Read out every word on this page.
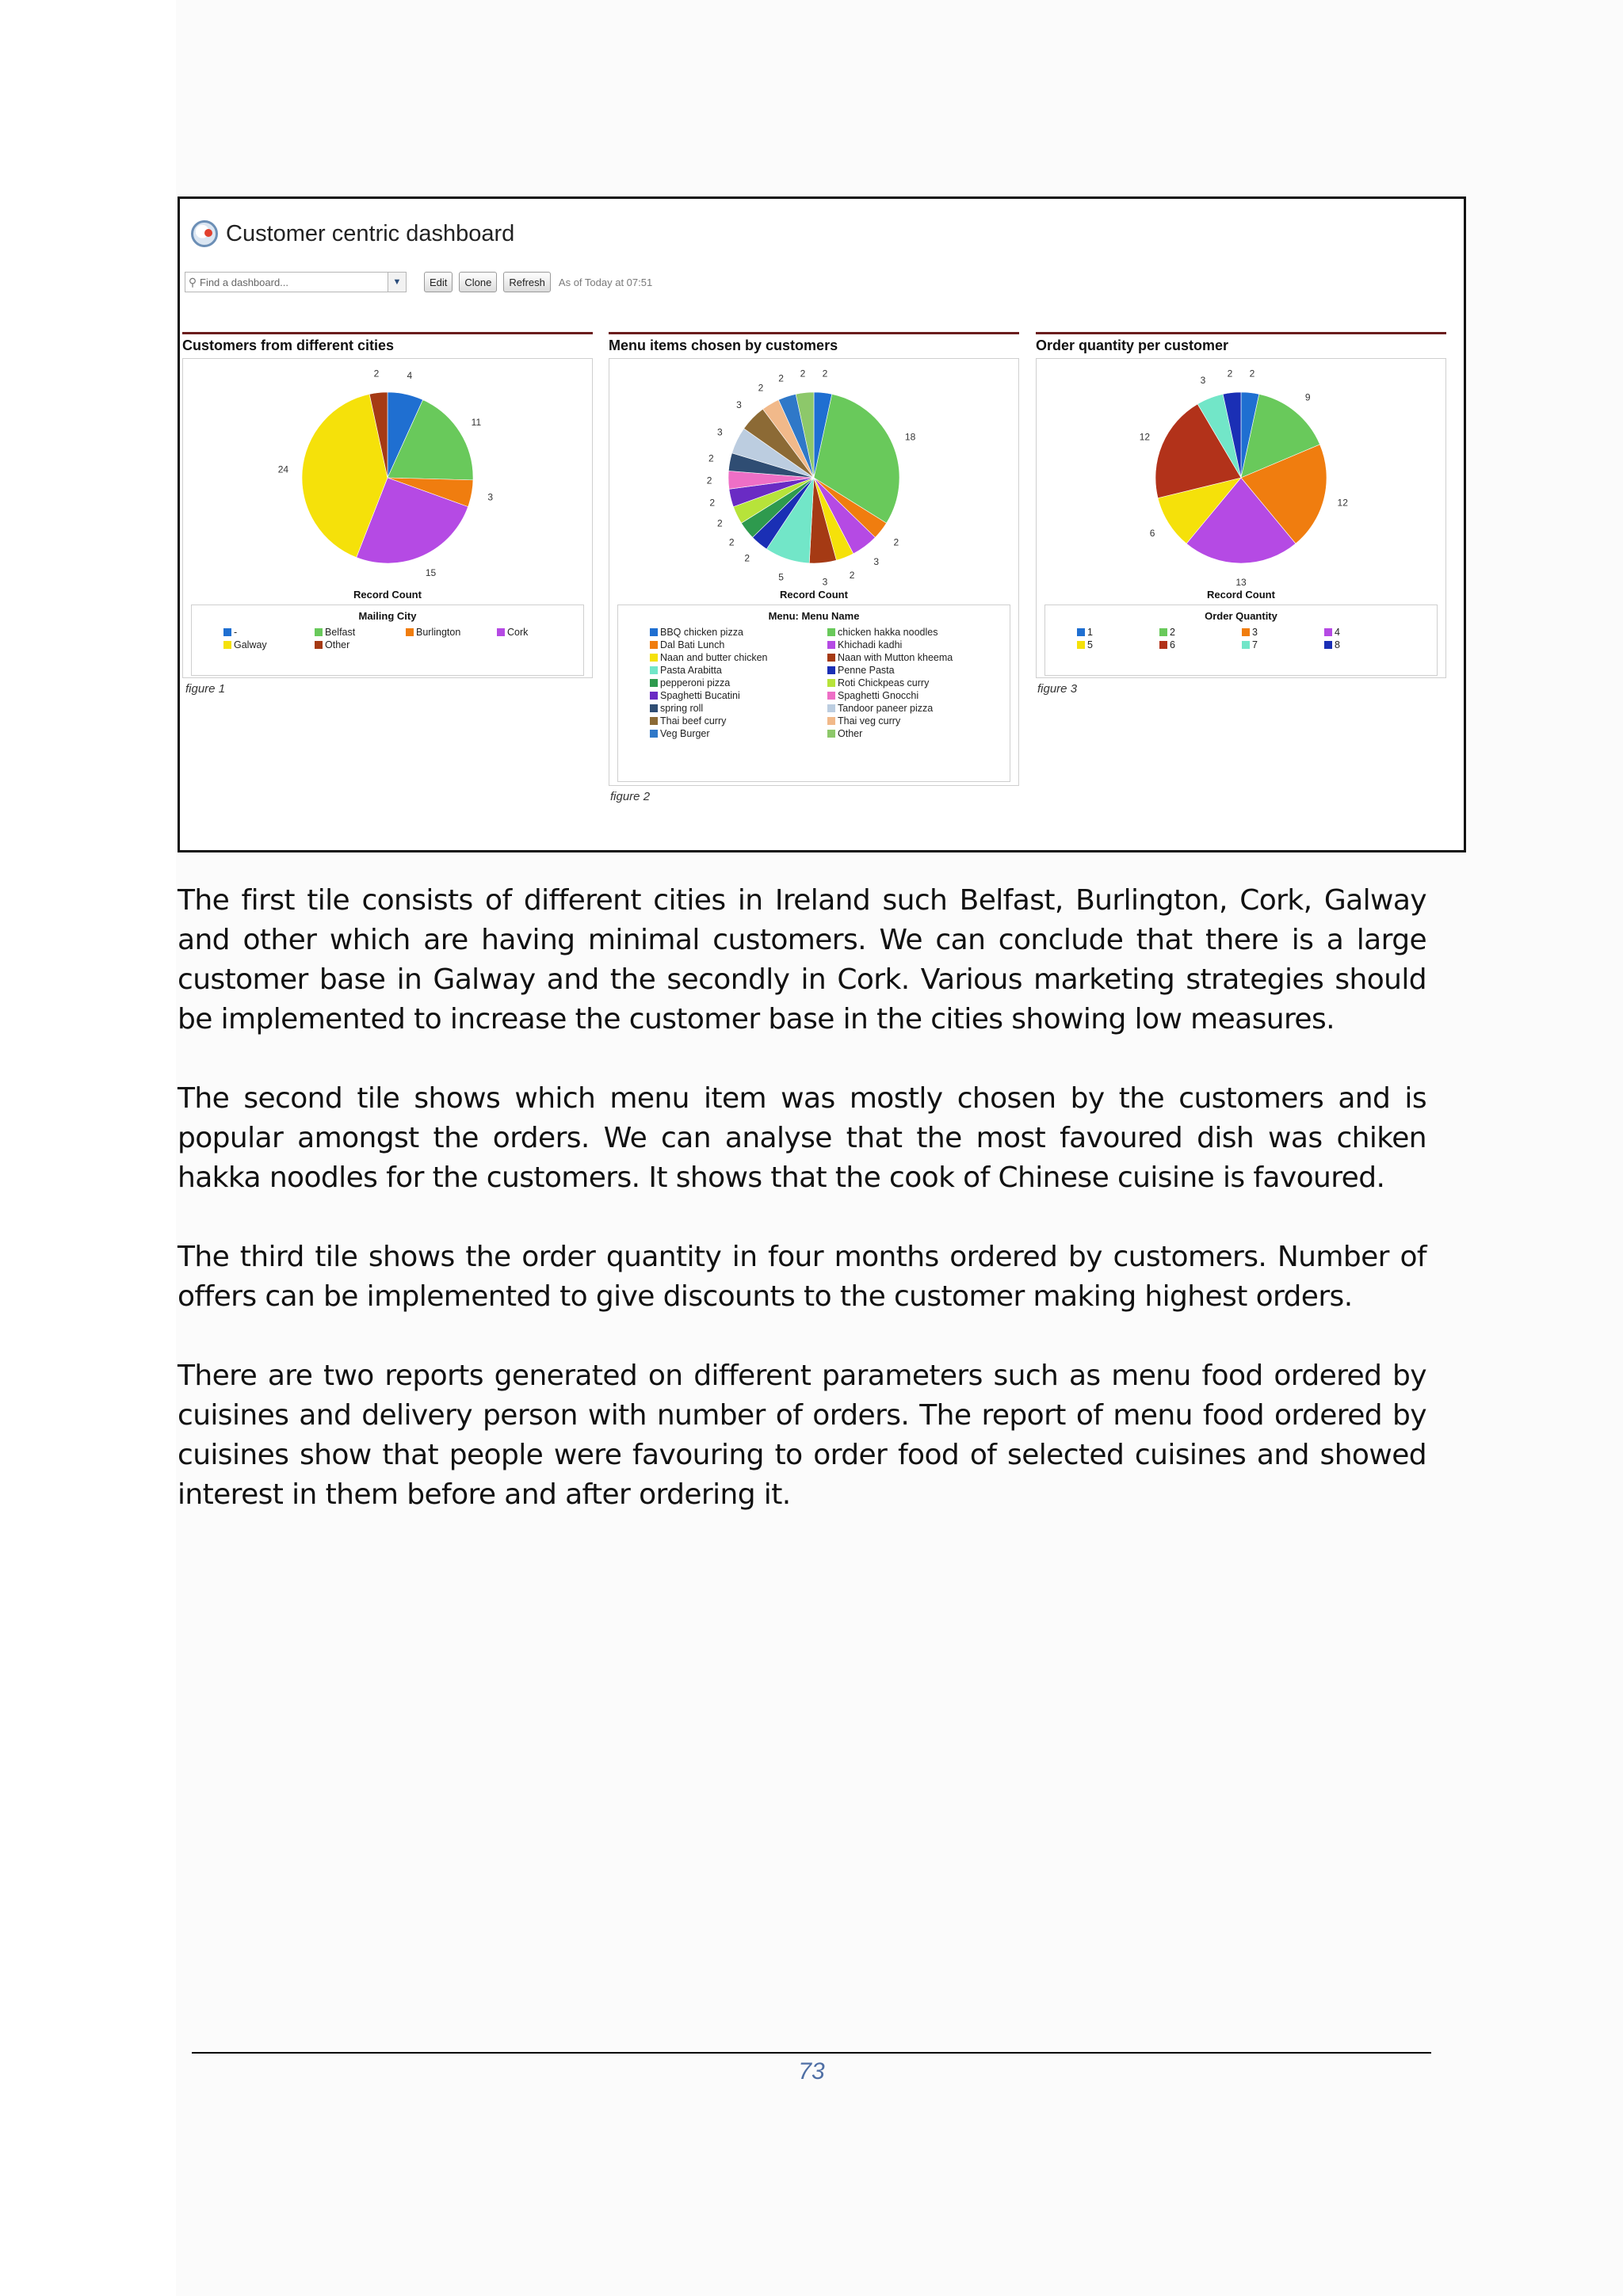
Customer centric dashboard
⚲ Find a dashboard...	▼	Edit	Clone	Refresh	As of Today at 07:51
Customers from different cities
4
11
3
15
24
2
Record Count
Mailing City
-	Belfast	Burlington	Cork
Galway	Other
figure 1
Menu items chosen by customers
2
18
2
3
2
3
5
2
2
2
2
2
2
3
3
2
2 2
Record Count
Menu: Menu Name
BBQ chicken pizza	chicken hakka noodles
Dal Bati Lunch	Khichadi kadhi
Naan and butter chicken	Naan with Mutton kheema
Pasta Arabitta	Penne Pasta
pepperoni pizza	Roti Chickpeas curry
Spaghetti Bucatini	Spaghetti Gnocchi
spring roll	Tandoor paneer pizza
Thai beef curry	Thai veg curry
Veg Burger	Other
figure 2
Order quantity per customer
2
9
12
13
6
12
3
2
Record Count
Order Quantity
1	2	3	4
5	6	7	8
figure 3

The first tile consists of different cities in Ireland such Belfast, Burlington, Cork, Galway and other which are having minimal customers. We can conclude that there is a large customer base in Galway and the secondly in Cork. Various marketing strategies should be implemented to increase the customer base in the cities showing low measures.

The second tile shows which menu item was mostly chosen by the customers and is popular amongst the orders. We can analyse that the most favoured dish was chiken hakka noodles for the customers. It shows that the cook of Chinese cuisine is favoured.

The third tile shows the order quantity in four months ordered by customers. Number of offers can be implemented to give discounts to the customer making highest orders.

There are two reports generated on different parameters such as menu food ordered by cuisines and delivery person with number of orders. The report of menu food ordered by cuisines show that people were favouring to order food of selected cuisines and showed interest in them before and after ordering it.

73
